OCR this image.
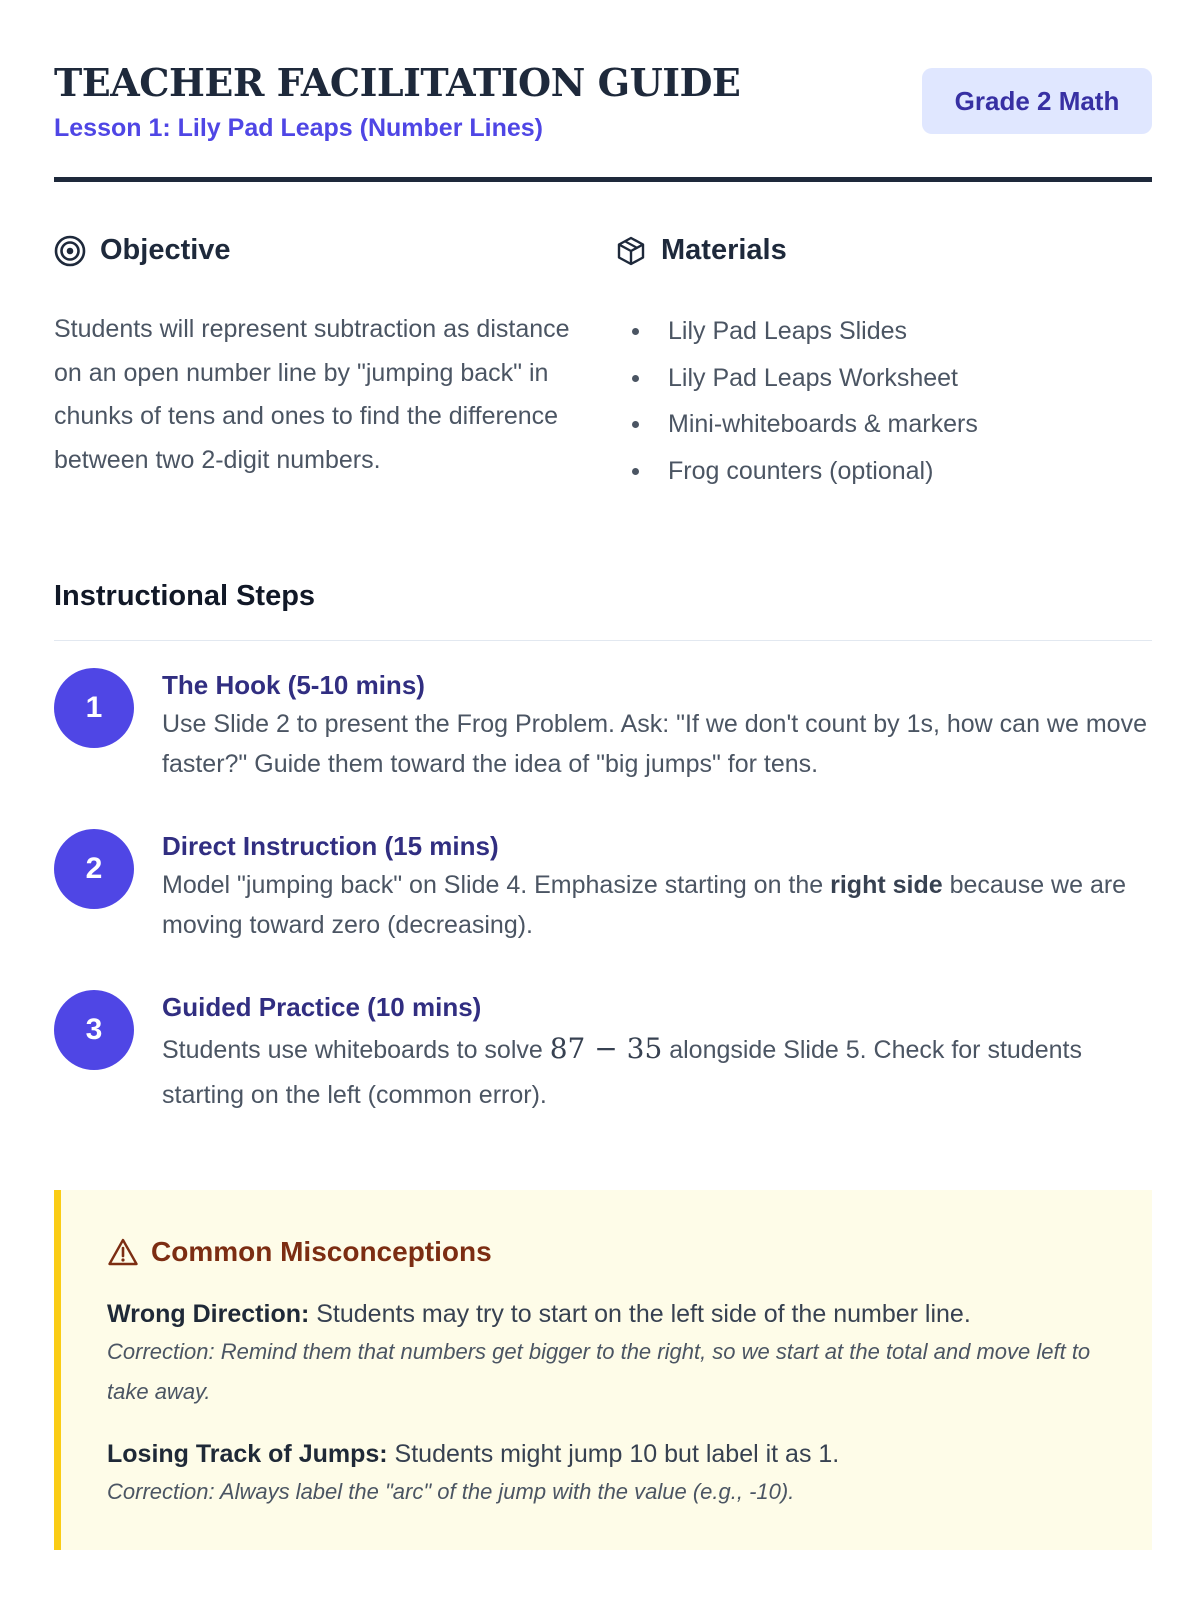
TEACHER FACILITATION GUIDE
Lesson 1: Lily Pad Leaps (Number Lines)
Grade 2 Math
Objective
Students will represent subtraction as distance on an open number line by "jumping back" in chunks of tens and ones to find the difference between two 2-digit numbers.
Materials
Lily Pad Leaps Slides
Lily Pad Leaps Worksheet
Mini-whiteboards & markers
Frog counters (optional)
Instructional Steps
1
The Hook (5-10 mins)
Use Slide 2 to present the Frog Problem. Ask: "If we don't count by 1s, how can we move faster?" Guide them toward the idea of "big jumps" for tens.
2
Direct Instruction (15 mins)
Model "jumping back" on Slide 4. Emphasize starting on the right side because we are moving toward zero (decreasing).
3
Guided Practice (10 mins)
Students use whiteboards to solve 87 − 35 alongside Slide 5. Check for students starting on the left (common error).
Common Misconceptions
Wrong Direction: Students may try to start on the left side of the number line.
Correction: Remind them that numbers get bigger to the right, so we start at the total and move left to take away.
Losing Track of Jumps: Students might jump 10 but label it as 1.
Correction: Always label the "arc" of the jump with the value (e.g., -10).
